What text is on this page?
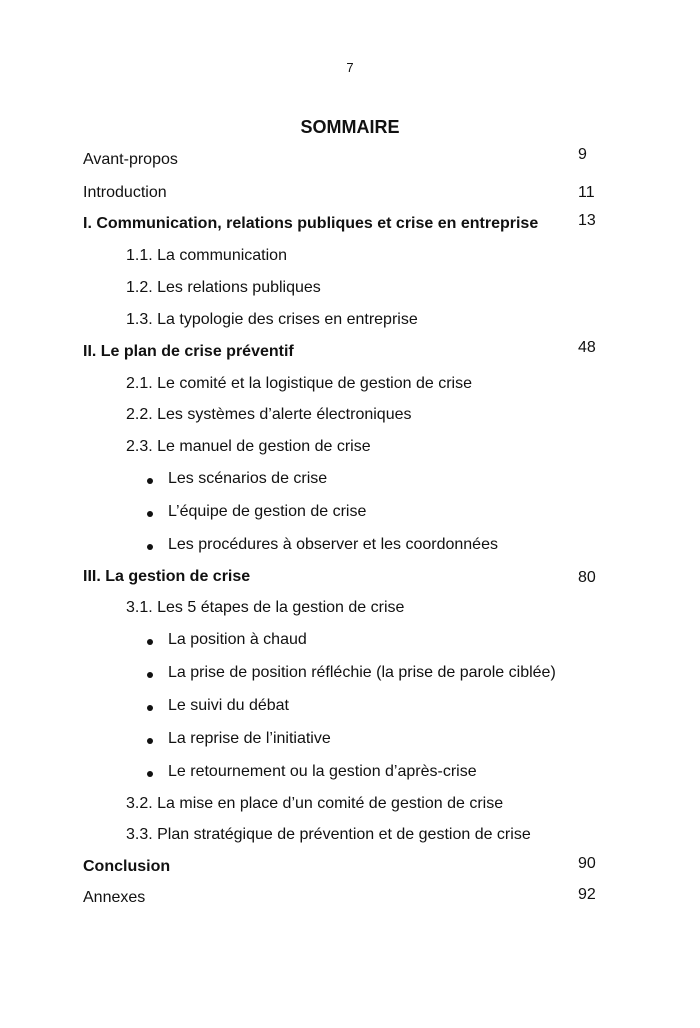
7
SOMMAIRE
Avant-propos	9
Introduction	11
I. Communication, relations publiques et crise en entreprise 13
1.1. La communication
1.2. Les relations publiques
1.3. La typologie des crises en entreprise
II. Le plan de crise préventif	48
2.1. Le comité et la logistique de gestion de crise
2.2. Les systèmes d’alerte électroniques
2.3. Le manuel de gestion de crise
Les scénarios de crise
L’équipe de gestion de crise
Les procédures à observer et les coordonnées
III. La gestion de crise	80
3.1. Les 5 étapes de la gestion de crise
La position à chaud
La prise de position réfléchie (la prise de parole ciblée)
Le suivi du débat
La reprise de l’initiative
Le retournement ou la gestion d’après-crise
3.2. La mise en place d’un comité de gestion de crise
3.3. Plan stratégique de prévention et de gestion de crise
Conclusion	90
Annexes	92
